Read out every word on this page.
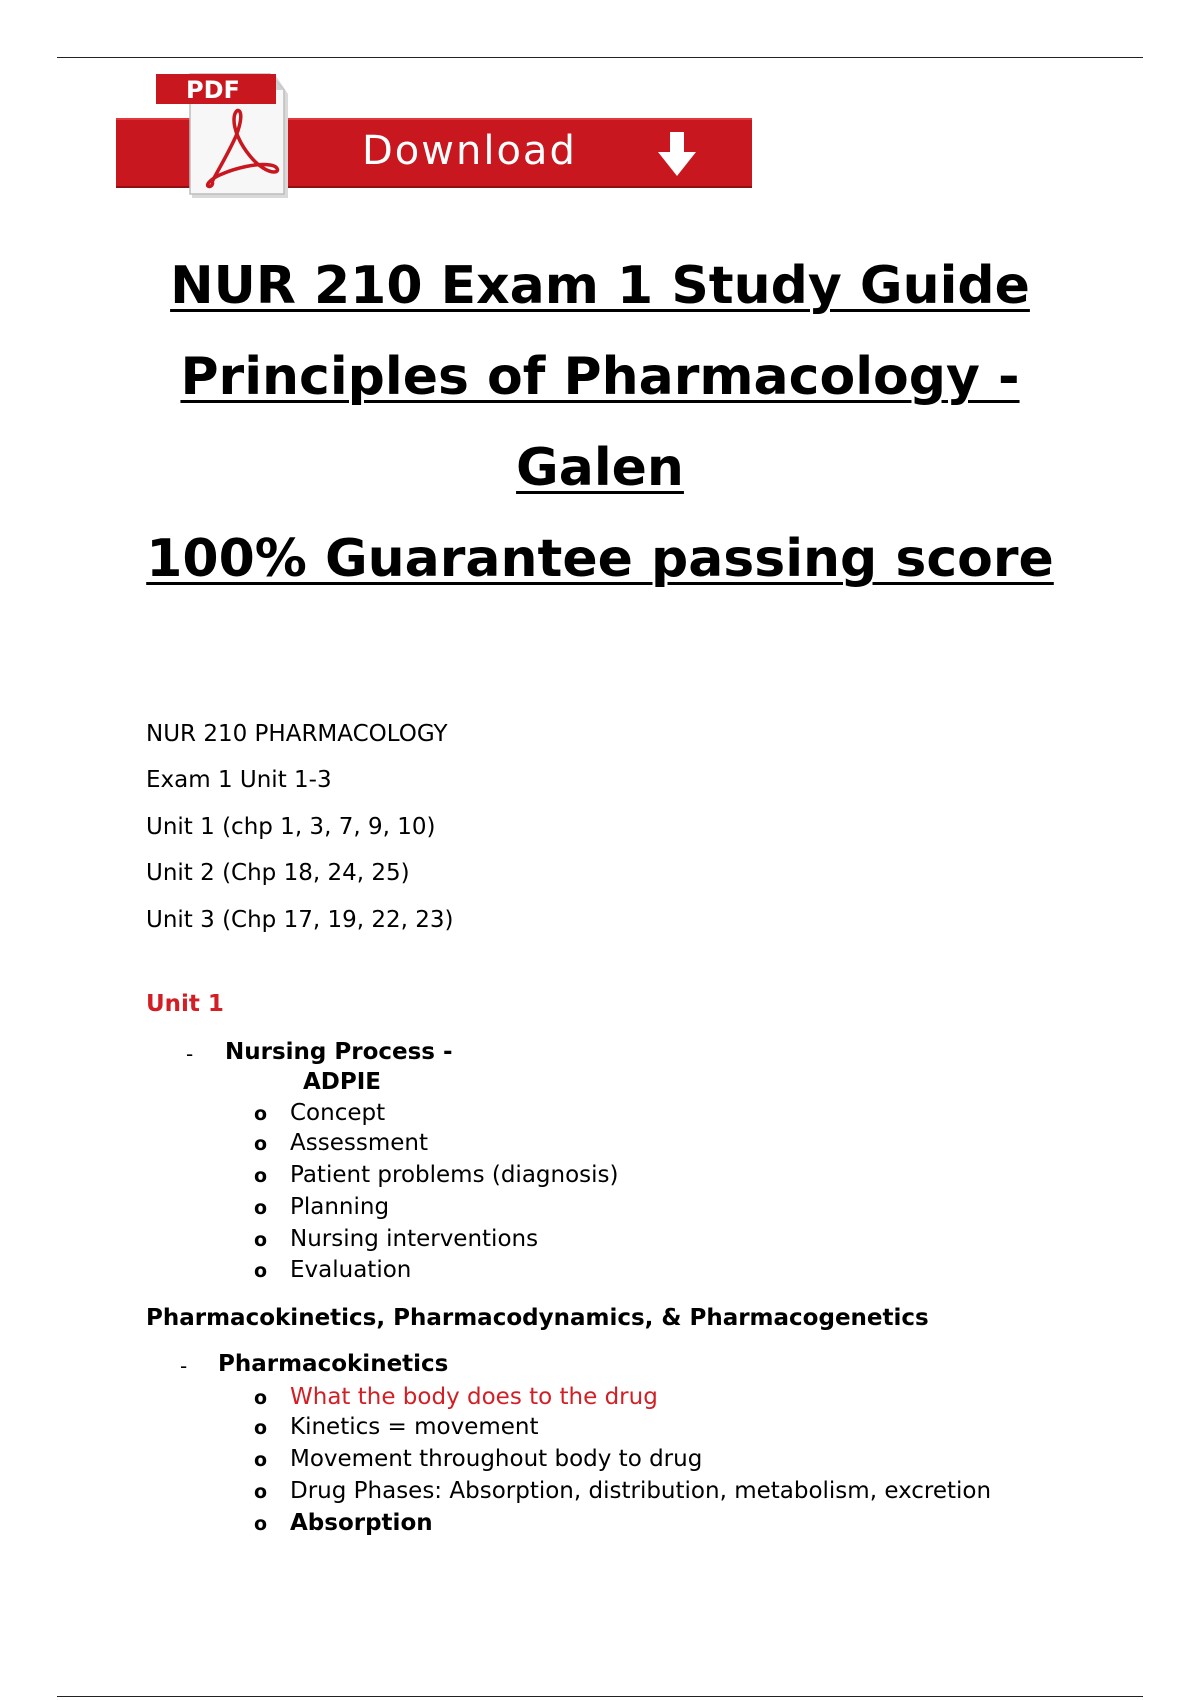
Download
PDF
NUR 210 Exam 1 Study Guide
Principles of Pharmacology -
Galen
100% Guarantee passing score
NUR 210 PHARMACOLOGY
Exam 1 Unit 1-3
Unit 1 (chp 1, 3, 7, 9, 10)
Unit 2 (Chp 18, 24, 25)
Unit 3 (Chp 17, 19, 22, 23)
Unit 1
- Nursing Process -
ADPIE
o Concept
o Assessment
o Patient problems (diagnosis)
o Planning
o Nursing interventions
o Evaluation
Pharmacokinetics, Pharmacodynamics, & Pharmacogenetics
- Pharmacokinetics
o What the body does to the drug
o Kinetics = movement
o Movement throughout body to drug
o Drug Phases: Absorption, distribution, metabolism, excretion
o Absorption
